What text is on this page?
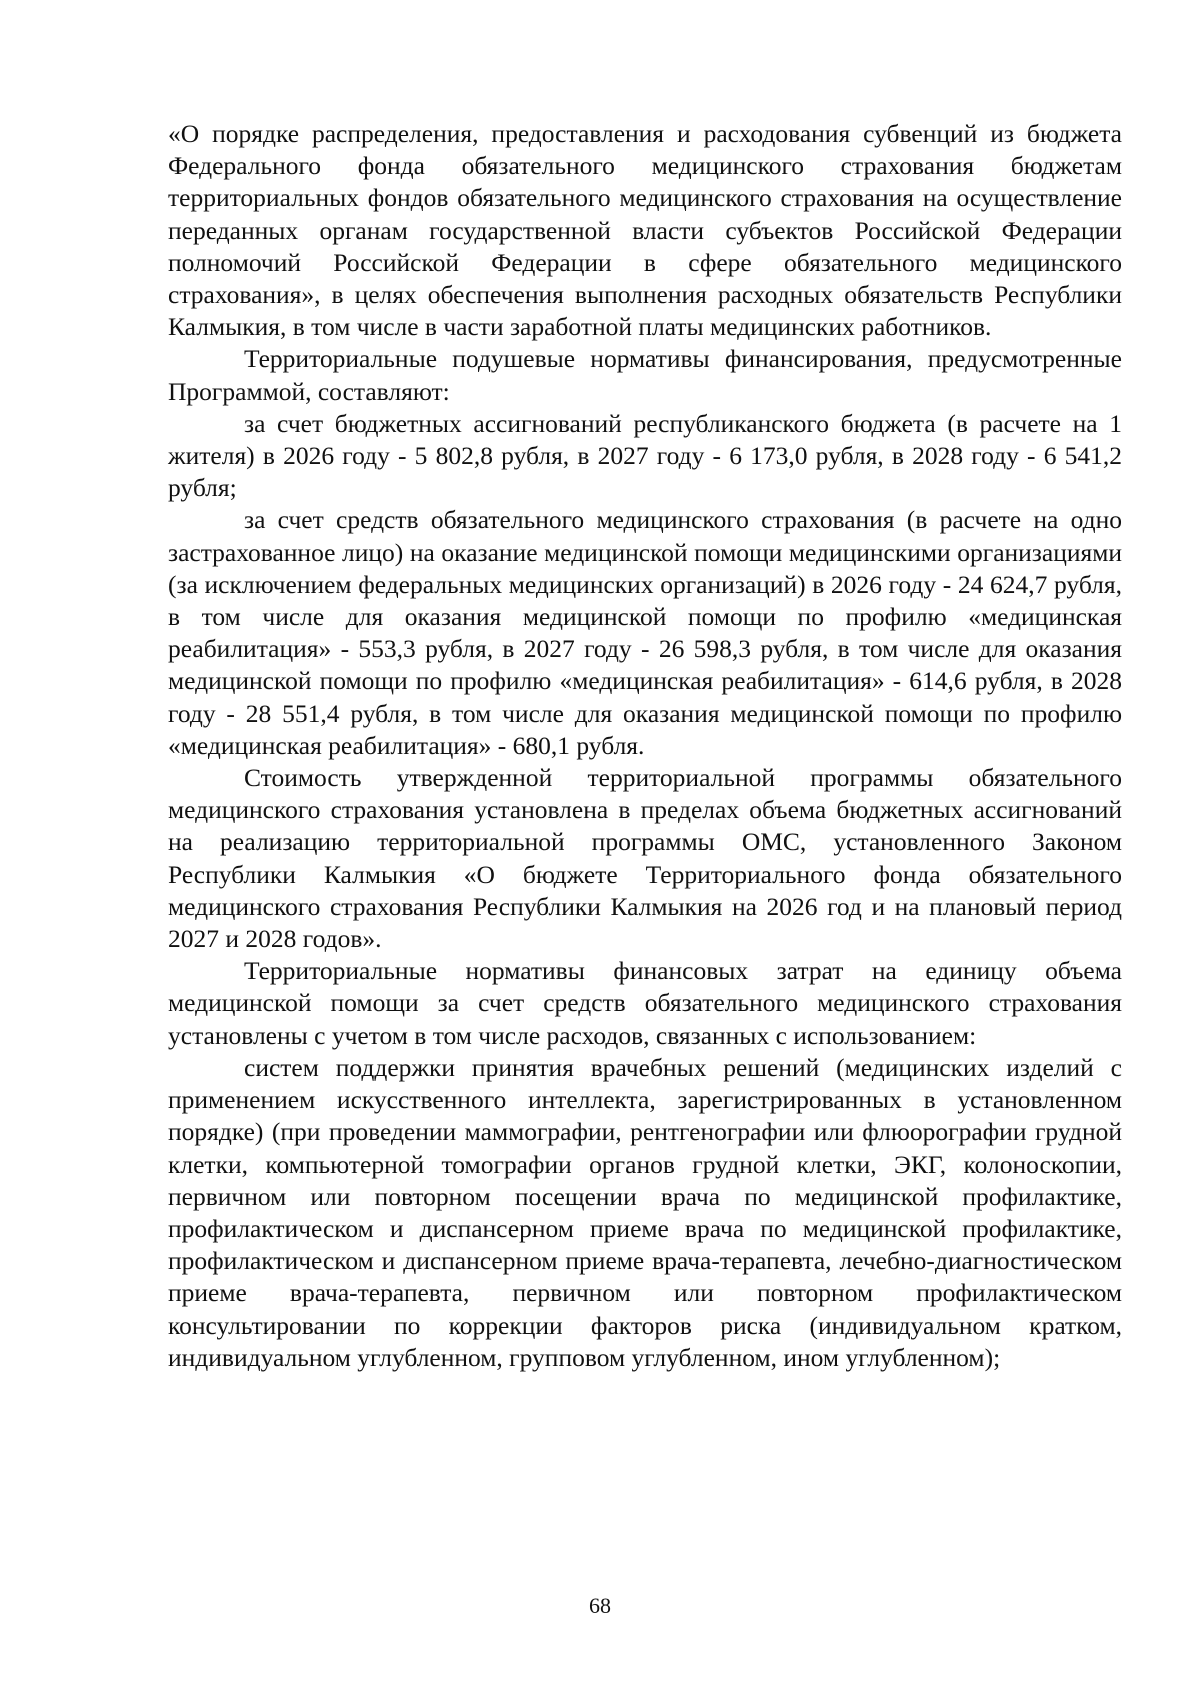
«О порядке распределения, предоставления и расходования субвенций из бюджета Федерального фонда обязательного медицинского страхования бюджетам территориальных фондов обязательного медицинского страхования на осуществление переданных органам государственной власти субъектов Российской Федерации полномочий Российской Федерации в сфере обязательного медицинского страхования», в целях обеспечения выполнения расходных обязательств Республики Калмыкия, в том числе в части заработной платы медицинских работников.

Территориальные подушевые нормативы финансирования, предусмотренные Программой, составляют:

за счет бюджетных ассигнований республиканского бюджета (в расчете на 1 жителя) в 2026 году - 5 802,8 рубля, в 2027 году - 6 173,0 рубля, в 2028 году - 6 541,2 рубля;

за счет средств обязательного медицинского страхования (в расчете на одно застрахованное лицо) на оказание медицинской помощи медицинскими организациями (за исключением федеральных медицинских организаций) в 2026 году - 24 624,7 рубля, в том числе для оказания медицинской помощи по профилю «медицинская реабилитация» - 553,3 рубля, в 2027 году - 26 598,3 рубля, в том числе для оказания медицинской помощи по профилю «медицинская реабилитация» - 614,6 рубля, в 2028 году - 28 551,4 рубля, в том числе для оказания медицинской помощи по профилю «медицинская реабилитация» - 680,1 рубля.

Стоимость утвержденной территориальной программы обязательного медицинского страхования установлена в пределах объема бюджетных ассигнований на реализацию территориальной программы ОМС, установленного Законом Республики Калмыкия «О бюджете Территориального фонда обязательного медицинского страхования Республики Калмыкия на 2026 год и на плановый период 2027 и 2028 годов».

Территориальные нормативы финансовых затрат на единицу объема медицинской помощи за счет средств обязательного медицинского страхования установлены с учетом в том числе расходов, связанных с использованием:

систем поддержки принятия врачебных решений (медицинских изделий с применением искусственного интеллекта, зарегистрированных в установленном порядке) (при проведении маммографии, рентгенографии или флюорографии грудной клетки, компьютерной томографии органов грудной клетки, ЭКГ, колоноскопии, первичном или повторном посещении врача по медицинской профилактике, профилактическом и диспансерном приеме врача по медицинской профилактике, профилактическом и диспансерном приеме врача-терапевта, лечебно-диагностическом приеме врача-терапевта, первичном или повторном профилактическом консультировании по коррекции факторов риска (индивидуальном кратком, индивидуальном углубленном, групповом углубленном, ином углубленном);

68
